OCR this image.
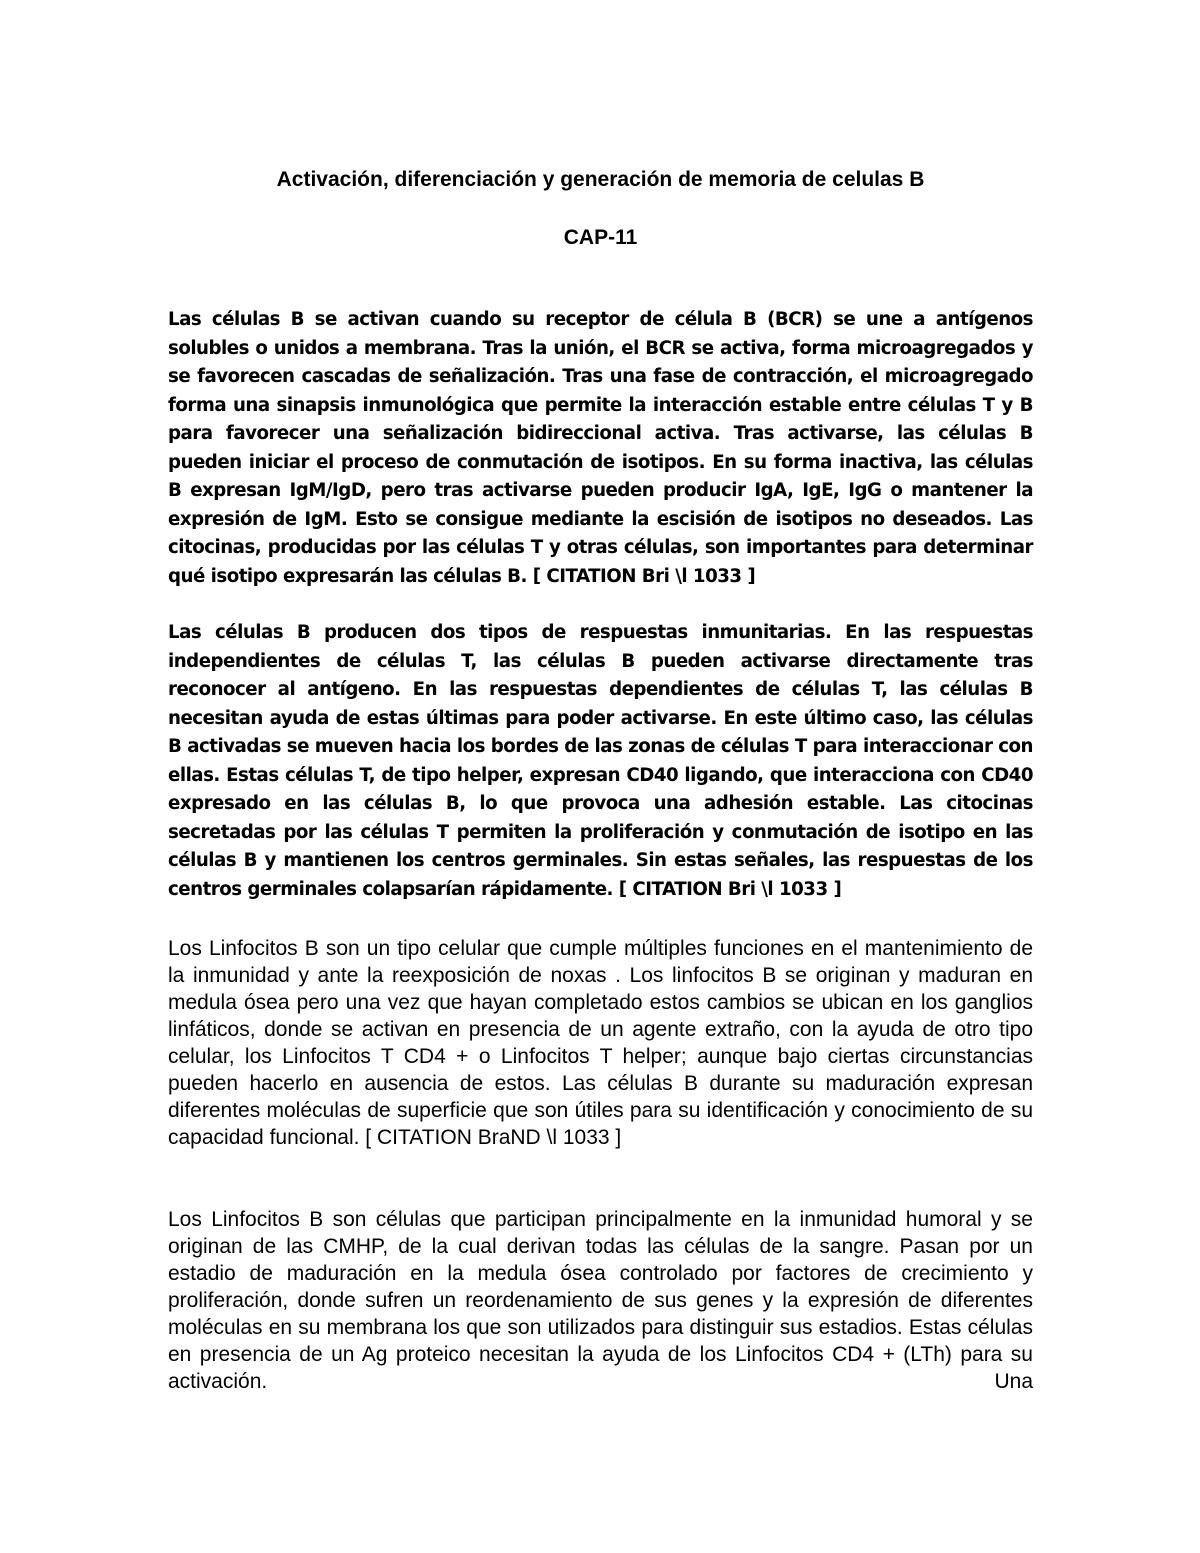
Activación, diferenciación y generación de memoria de celulas B
CAP-11

Las células B se activan cuando su receptor de célula B (BCR) se une a antígenos solubles o unidos a membrana. Tras la unión, el BCR se activa, forma microagregados y se favorecen cascadas de señalización. Tras una fase de contracción, el microagregado forma una sinapsis inmunológica que permite la interacción estable entre células T y B para favorecer una señalización bidireccional activa. Tras activarse, las células B pueden iniciar el proceso de conmutación de isotipos. En su forma inactiva, las células B expresan IgM/IgD, pero tras activarse pueden producir IgA, IgE, IgG o mantener la expresión de IgM. Esto se consigue mediante la escisión de isotipos no deseados. Las citocinas, producidas por las células T y otras células, son importantes para determinar qué isotipo expresarán las células B. [ CITATION Bri \l 1033 ]

Las células B producen dos tipos de respuestas inmunitarias. En las respuestas independientes de células T, las células B pueden activarse directamente tras reconocer al antígeno. En las respuestas dependientes de células T, las células B necesitan ayuda de estas últimas para poder activarse. En este último caso, las células B activadas se mueven hacia los bordes de las zonas de células T para interaccionar con ellas. Estas células T, de tipo helper, expresan CD40 ligando, que interacciona con CD40 expresado en las células B, lo que provoca una adhesión estable. Las citocinas secretadas por las células T permiten la proliferación y conmutación de isotipo en las células B y mantienen los centros germinales. Sin estas señales, las respuestas de los centros germinales colapsarían rápidamente. [ CITATION Bri \l 1033 ]

Los Linfocitos B son un tipo celular que cumple múltiples funciones en el mantenimiento de la inmunidad y ante la reexposición de noxas . Los linfocitos B se originan y maduran en medula ósea pero una vez que hayan completado estos cambios se ubican en los ganglios linfáticos, donde se activan en presencia de un agente extraño, con la ayuda de otro tipo celular, los Linfocitos T CD4 + o Linfocitos T helper; aunque bajo ciertas circunstancias pueden hacerlo en ausencia de estos. Las células B durante su maduración expresan diferentes moléculas de superficie que son útiles para su identificación y conocimiento de su capacidad funcional. [ CITATION BraND \l 1033 ]

Los Linfocitos B son células que participan principalmente en la inmunidad humoral y se originan de las CMHP, de la cual derivan todas las células de la sangre. Pasan por un estadio de maduración en la medula ósea controlado por factores de crecimiento y proliferación, donde sufren un reordenamiento de sus genes y la expresión de diferentes moléculas en su membrana los que son utilizados para distinguir sus estadios. Estas células en presencia de un Ag proteico necesitan la ayuda de los Linfocitos CD4 + (LTh) para su activación. Una
